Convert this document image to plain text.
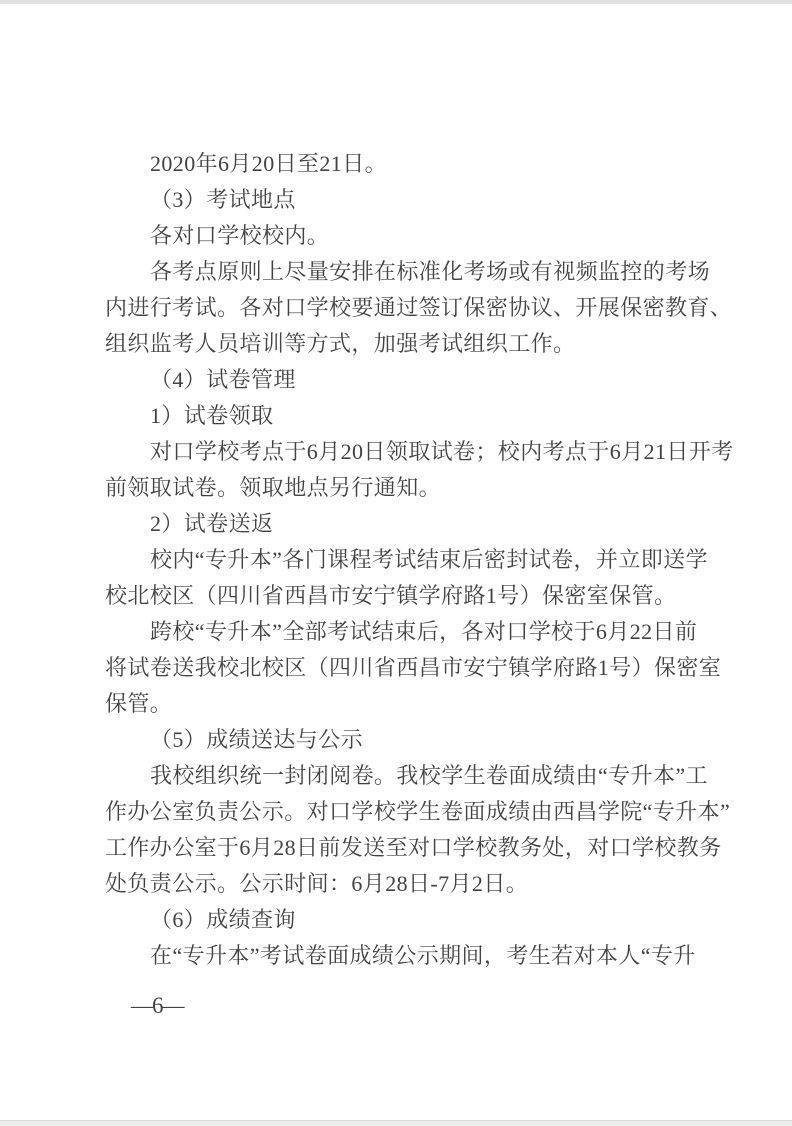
2020年6月20日至21日。
（3）考试地点
各对口学校校内。
各考点原则上尽量安排在标准化考场或有视频监控的考场
内进行考试。各对口学校要通过签订保密协议、开展保密教育、
组织监考人员培训等方式，加强考试组织工作。
（4）试卷管理
1）试卷领取
对口学校考点于6月20日领取试卷；校内考点于6月21日开考
前领取试卷。领取地点另行通知。
2）试卷送返
校内“专升本”各门课程考试结束后密封试卷，并立即送学
校北校区（四川省西昌市安宁镇学府路1号）保密室保管。
跨校“专升本”全部考试结束后，各对口学校于6月22日前
将试卷送我校北校区（四川省西昌市安宁镇学府路1号）保密室
保管。
（5）成绩送达与公示
我校组织统一封闭阅卷。我校学生卷面成绩由“专升本”工
作办公室负责公示。对口学校学生卷面成绩由西昌学院“专升本”
工作办公室于6月28日前发送至对口学校教务处，对口学校教务
处负责公示。公示时间：6月28日-7月2日。
（6）成绩查询
在“专升本”考试卷面成绩公示期间，考生若对本人“专升
—6—
